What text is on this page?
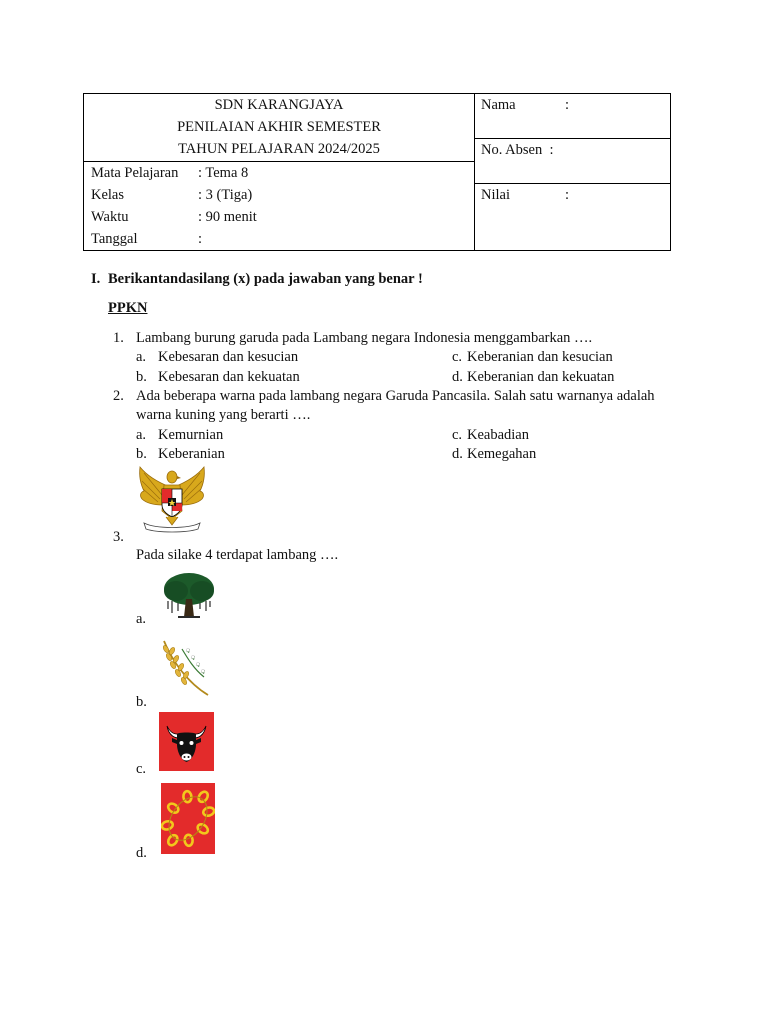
SDN KARANGJAYA
PENILAIAN AKHIR SEMESTER
TAHUN PELAJARAN 2024/2025

Nama	:

No. Absen :

Mata Pelajaran	: Tema 8
Kelas	: 3 (Tiga)
Waktu	: 90 menit
Tanggal	:

Nilai	:
I. Berikantandasilang (x) pada jawaban yang benar !
PPKN
1. Lambang burung garuda pada Lambang negara Indonesia menggambarkan ….
a. Kebesaran dan kesucian	c. Keberanian dan kesucian
b. Kebesaran dan kekuatan	d. Keberanian dan kekuatan
2. Ada beberapa warna pada lambang negara Garuda Pancasila. Salah satu warnanya adalah
warna kuning yang berarti ….
a. Kemurnian	c. Keabadian
b. Keberanian	d. Kemegahan
3.
Pada silake 4 terdapat lambang ….
a.
b.
c.
d.
